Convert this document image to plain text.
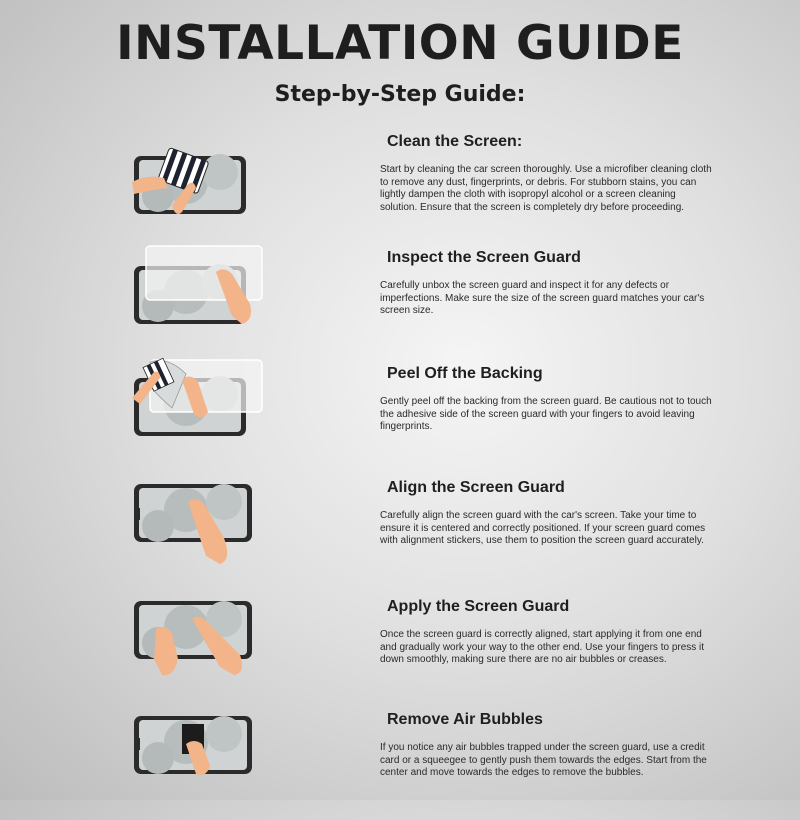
INSTALLATION GUIDE
Step-by-Step Guide:
Clean the Screen:
Start by cleaning the car screen thoroughly. Use a microfiber cleaning cloth to remove any dust, fingerprints, or debris. For stubborn stains, you can lightly dampen the cloth with isopropyl alcohol or a screen cleaning solution. Ensure that the screen is completely dry before proceeding.
Inspect the Screen Guard
Carefully unbox the screen guard and inspect it for any defects or imperfections. Make sure the size of the screen guard matches your car's screen size.
Peel Off the Backing
Gently peel off the backing from the screen guard. Be cautious not to touch the adhesive side of the screen guard with your fingers to avoid leaving fingerprints.
Align the Screen Guard
Carefully align the screen guard with the car's screen. Take your time to ensure it is centered and correctly positioned. If your screen guard comes with alignment stickers, use them to position the screen guard accurately.
Apply the Screen Guard
Once the screen guard is correctly aligned, start applying it from one end and gradually work your way to the other end. Use your fingers to press it down smoothly, making sure there are no air bubbles or creases.
Remove Air Bubbles
If you notice any air bubbles trapped under the screen guard, use a credit card or a squeegee to gently push them towards the edges. Start from the center and move towards the edges to remove the bubbles.
